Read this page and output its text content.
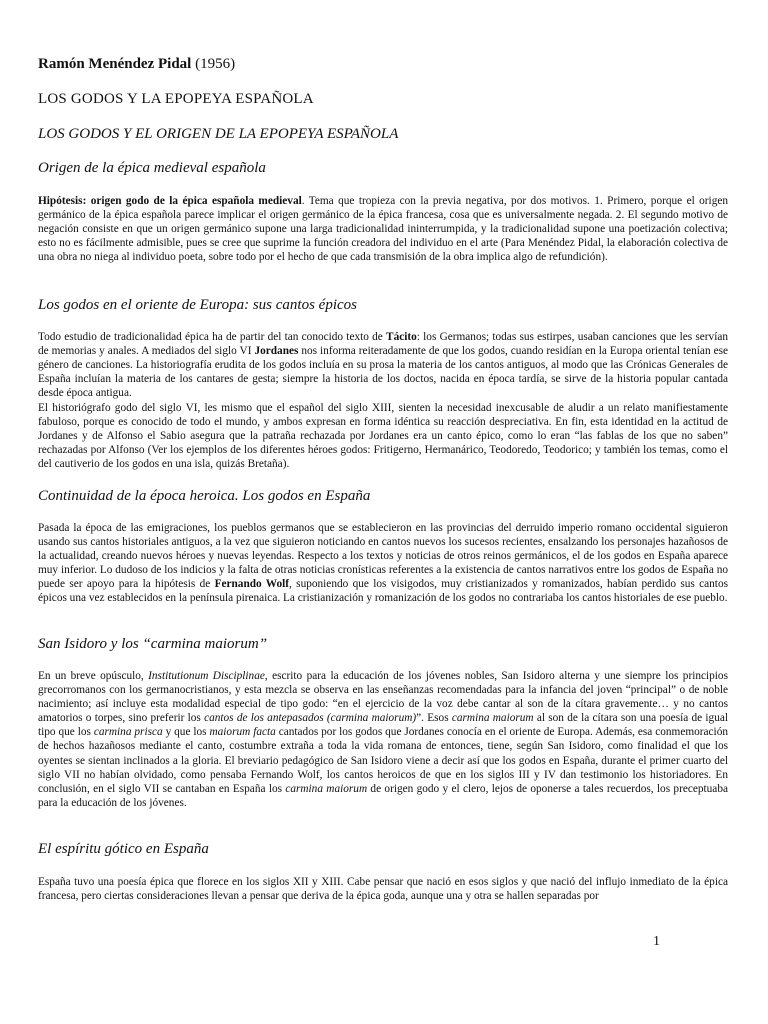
Ramón Menéndez Pidal (1956)

LOS GODOS Y LA EPOPEYA ESPAÑOLA
LOS GODOS Y EL ORIGEN DE LA EPOPEYA ESPAÑOLA
Origen de la épica medieval española
Hipótesis: origen godo de la épica española medieval. Tema que tropieza con la previa negativa, por dos motivos. 1. Primero, porque el origen germánico de la épica española parece implicar el origen germánico de la épica francesa, cosa que es universalmente negada. 2. El segundo motivo de negación consiste en que un origen germánico supone una larga tradicionalidad ininterrumpida, y la tradicionalidad supone una poetización colectiva; esto no es fácilmente admisible, pues se cree que suprime la función creadora del individuo en el arte (Para Menéndez Pidal, la elaboración colectiva de una obra no niega al individuo poeta, sobre todo por el hecho de que cada transmisión de la obra implica algo de refundición).
Los godos en el oriente de Europa: sus cantos épicos
Todo estudio de tradicionalidad épica ha de partir del tan conocido texto de Tácito: los Germanos; todas sus estirpes, usaban canciones que les servían de memorias y anales. A mediados del siglo VI Jordanes nos informa reiteradamente de que los godos, cuando residían en la Europa oriental tenían ese género de canciones. La historiografía erudita de los godos incluía en su prosa la materia de los cantos antiguos, al modo que las Crónicas Generales de España incluían la materia de los cantares de gesta; siempre la historia de los doctos, nacida en época tardía, se sirve de la historia popular cantada desde época antigua.
El historiógrafo godo del siglo VI, les mismo que el español del siglo XIII, sienten la necesidad inexcusable de aludir a un relato manifiestamente fabuloso, porque es conocido de todo el mundo, y ambos expresan en forma idéntica su reacción despreciativa. En fin, esta identidad en la actitud de Jordanes y de Alfonso el Sabio asegura que la patraña rechazada por Jordanes era un canto épico, como lo eran “las fablas de los que no saben” rechazadas por Alfonso (Ver los ejemplos de los diferentes héroes godos: Fritigerno, Hermanárico, Teodoredo, Teodorico; y también los temas, como el del cautiverio de los godos en una isla, quizás Bretaña).
Continuidad de la época heroica. Los godos en España
Pasada la época de las emigraciones, los pueblos germanos que se establecieron en las provincias del derruido imperio romano occidental siguieron usando sus cantos historiales antiguos, a la vez que siguieron noticiando en cantos nuevos los sucesos recientes, ensalzando los personajes hazañosos de la actualidad, creando nuevos héroes y nuevas leyendas. Respecto a los textos y noticias de otros reinos germánicos, el de los godos en España aparece muy inferior. Lo dudoso de los indicios y la falta de otras noticias cronísticas referentes a la existencia de cantos narrativos entre los godos de España no puede ser apoyo para la hipótesis de Fernando Wolf, suponiendo que los visigodos, muy cristianizados y romanizados, habían perdido sus cantos épicos una vez establecidos en la península pirenaica. La cristianización y romanización de los godos no contrariaba los cantos historiales de ese pueblo.
San Isidoro y los “carmina maiorum”
En un breve opúsculo, Institutionum Disciplinae, escrito para la educación de los jóvenes nobles, San Isidoro alterna y une siempre los principios grecorromanos con los germanocristianos, y esta mezcla se observa en las enseñanzas recomendadas para la infancia del joven “principal” o de noble nacimiento; así incluye esta modalidad especial de tipo godo: “en el ejercicio de la voz debe cantar al son de la cítara gravemente… y no cantos amatorios o torpes, sino preferir los cantos de los antepasados (carmina maiorum)”. Esos carmina maiorum al son de la cítara son una poesía de igual tipo que los carmina prisca y que los maiorum facta cantados por los godos que Jordanes conocía en el oriente de Europa. Además, esa conmemoración de hechos hazañosos mediante el canto, costumbre extraña a toda la vida romana de entonces, tiene, según San Isidoro, como finalidad el que los oyentes se sientan inclinados a la gloria. El breviario pedagógico de San Isidoro viene a decir así que los godos en España, durante el primer cuarto del siglo VII no habían olvidado, como pensaba Fernando Wolf, los cantos heroicos de que en los siglos III y IV dan testimonio los historiadores. En conclusión, en el siglo VII se cantaban en España los carmina maiorum de origen godo y el clero, lejos de oponerse a tales recuerdos, los preceptuaba para la educación de los jóvenes.
El espíritu gótico en España
España tuvo una poesía épica que florece en los siglos XII y XIII. Cabe pensar que nació en esos siglos y que nació del influjo inmediato de la épica francesa, pero ciertas consideraciones llevan a pensar que deriva de la épica goda, aunque una y otra se hallen separadas por
1
